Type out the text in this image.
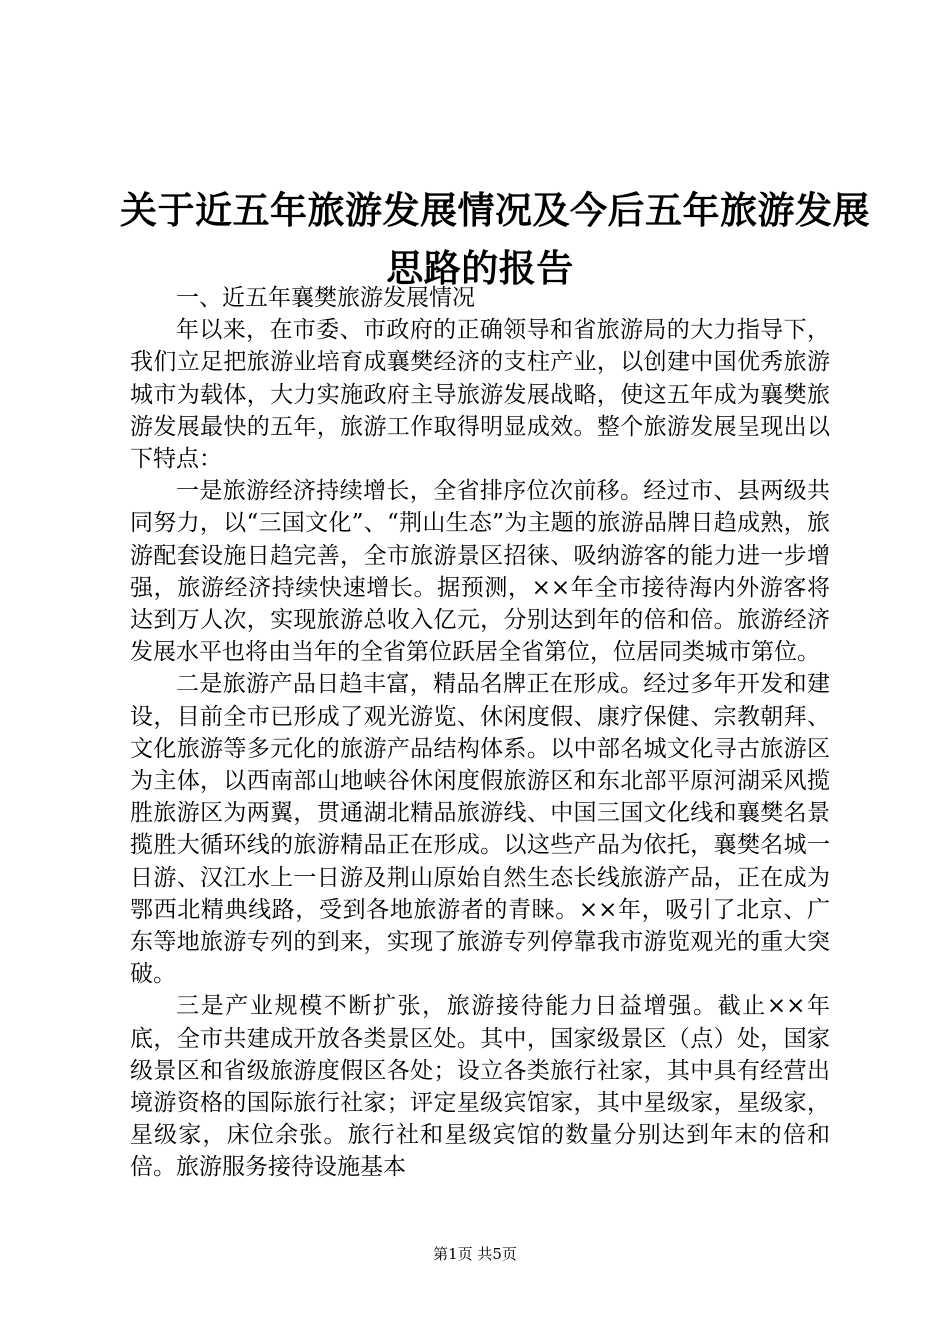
关于近五年旅游发展情况及今后五年旅游发展
思路的报告

一、近五年襄樊旅游发展情况

年以来，在市委、市政府的正确领导和省旅游局的大力指导下，我们立足把旅游业培育成襄樊经济的支柱产业，以创建中国优秀旅游城市为载体，大力实施政府主导旅游发展战略，使这五年成为襄樊旅游发展最快的五年，旅游工作取得明显成效。整个旅游发展呈现出以下特点：

一是旅游经济持续增长，全省排序位次前移。经过市、县两级共同努力，以“三国文化”、“荆山生态”为主题的旅游品牌日趋成熟，旅游配套设施日趋完善，全市旅游景区招徕、吸纳游客的能力进一步增强，旅游经济持续快速增长。据预测，××年全市接待海内外游客将达到万人次，实现旅游总收入亿元，分别达到年的倍和倍。旅游经济发展水平也将由当年的全省第位跃居全省第位，位居同类城市第位。

二是旅游产品日趋丰富，精品名牌正在形成。经过多年开发和建设，目前全市已形成了观光游览、休闲度假、康疗保健、宗教朝拜、文化旅游等多元化的旅游产品结构体系。以中部名城文化寻古旅游区为主体，以西南部山地峡谷休闲度假旅游区和东北部平原河湖采风揽胜旅游区为两翼，贯通湖北精品旅游线、中国三国文化线和襄樊名景揽胜大循环线的旅游精品正在形成。以这些产品为依托，襄樊名城一日游、汉江水上一日游及荆山原始自然生态长线旅游产品，正在成为鄂西北精典线路，受到各地旅游者的青睐。××年，吸引了北京、广东等地旅游专列的到来，实现了旅游专列停靠我市游览观光的重大突破。

三是产业规模不断扩张，旅游接待能力日益增强。截止××年底，全市共建成开放各类景区处。其中，国家级景区（点）处，国家级景区和省级旅游度假区各处；设立各类旅行社家，其中具有经营出境游资格的国际旅行社家；评定星级宾馆家，其中星级家，星级家，星级家，床位余张。旅行社和星级宾馆的数量分别达到年末的倍和倍。旅游服务接待设施基本

第1页 共5页
